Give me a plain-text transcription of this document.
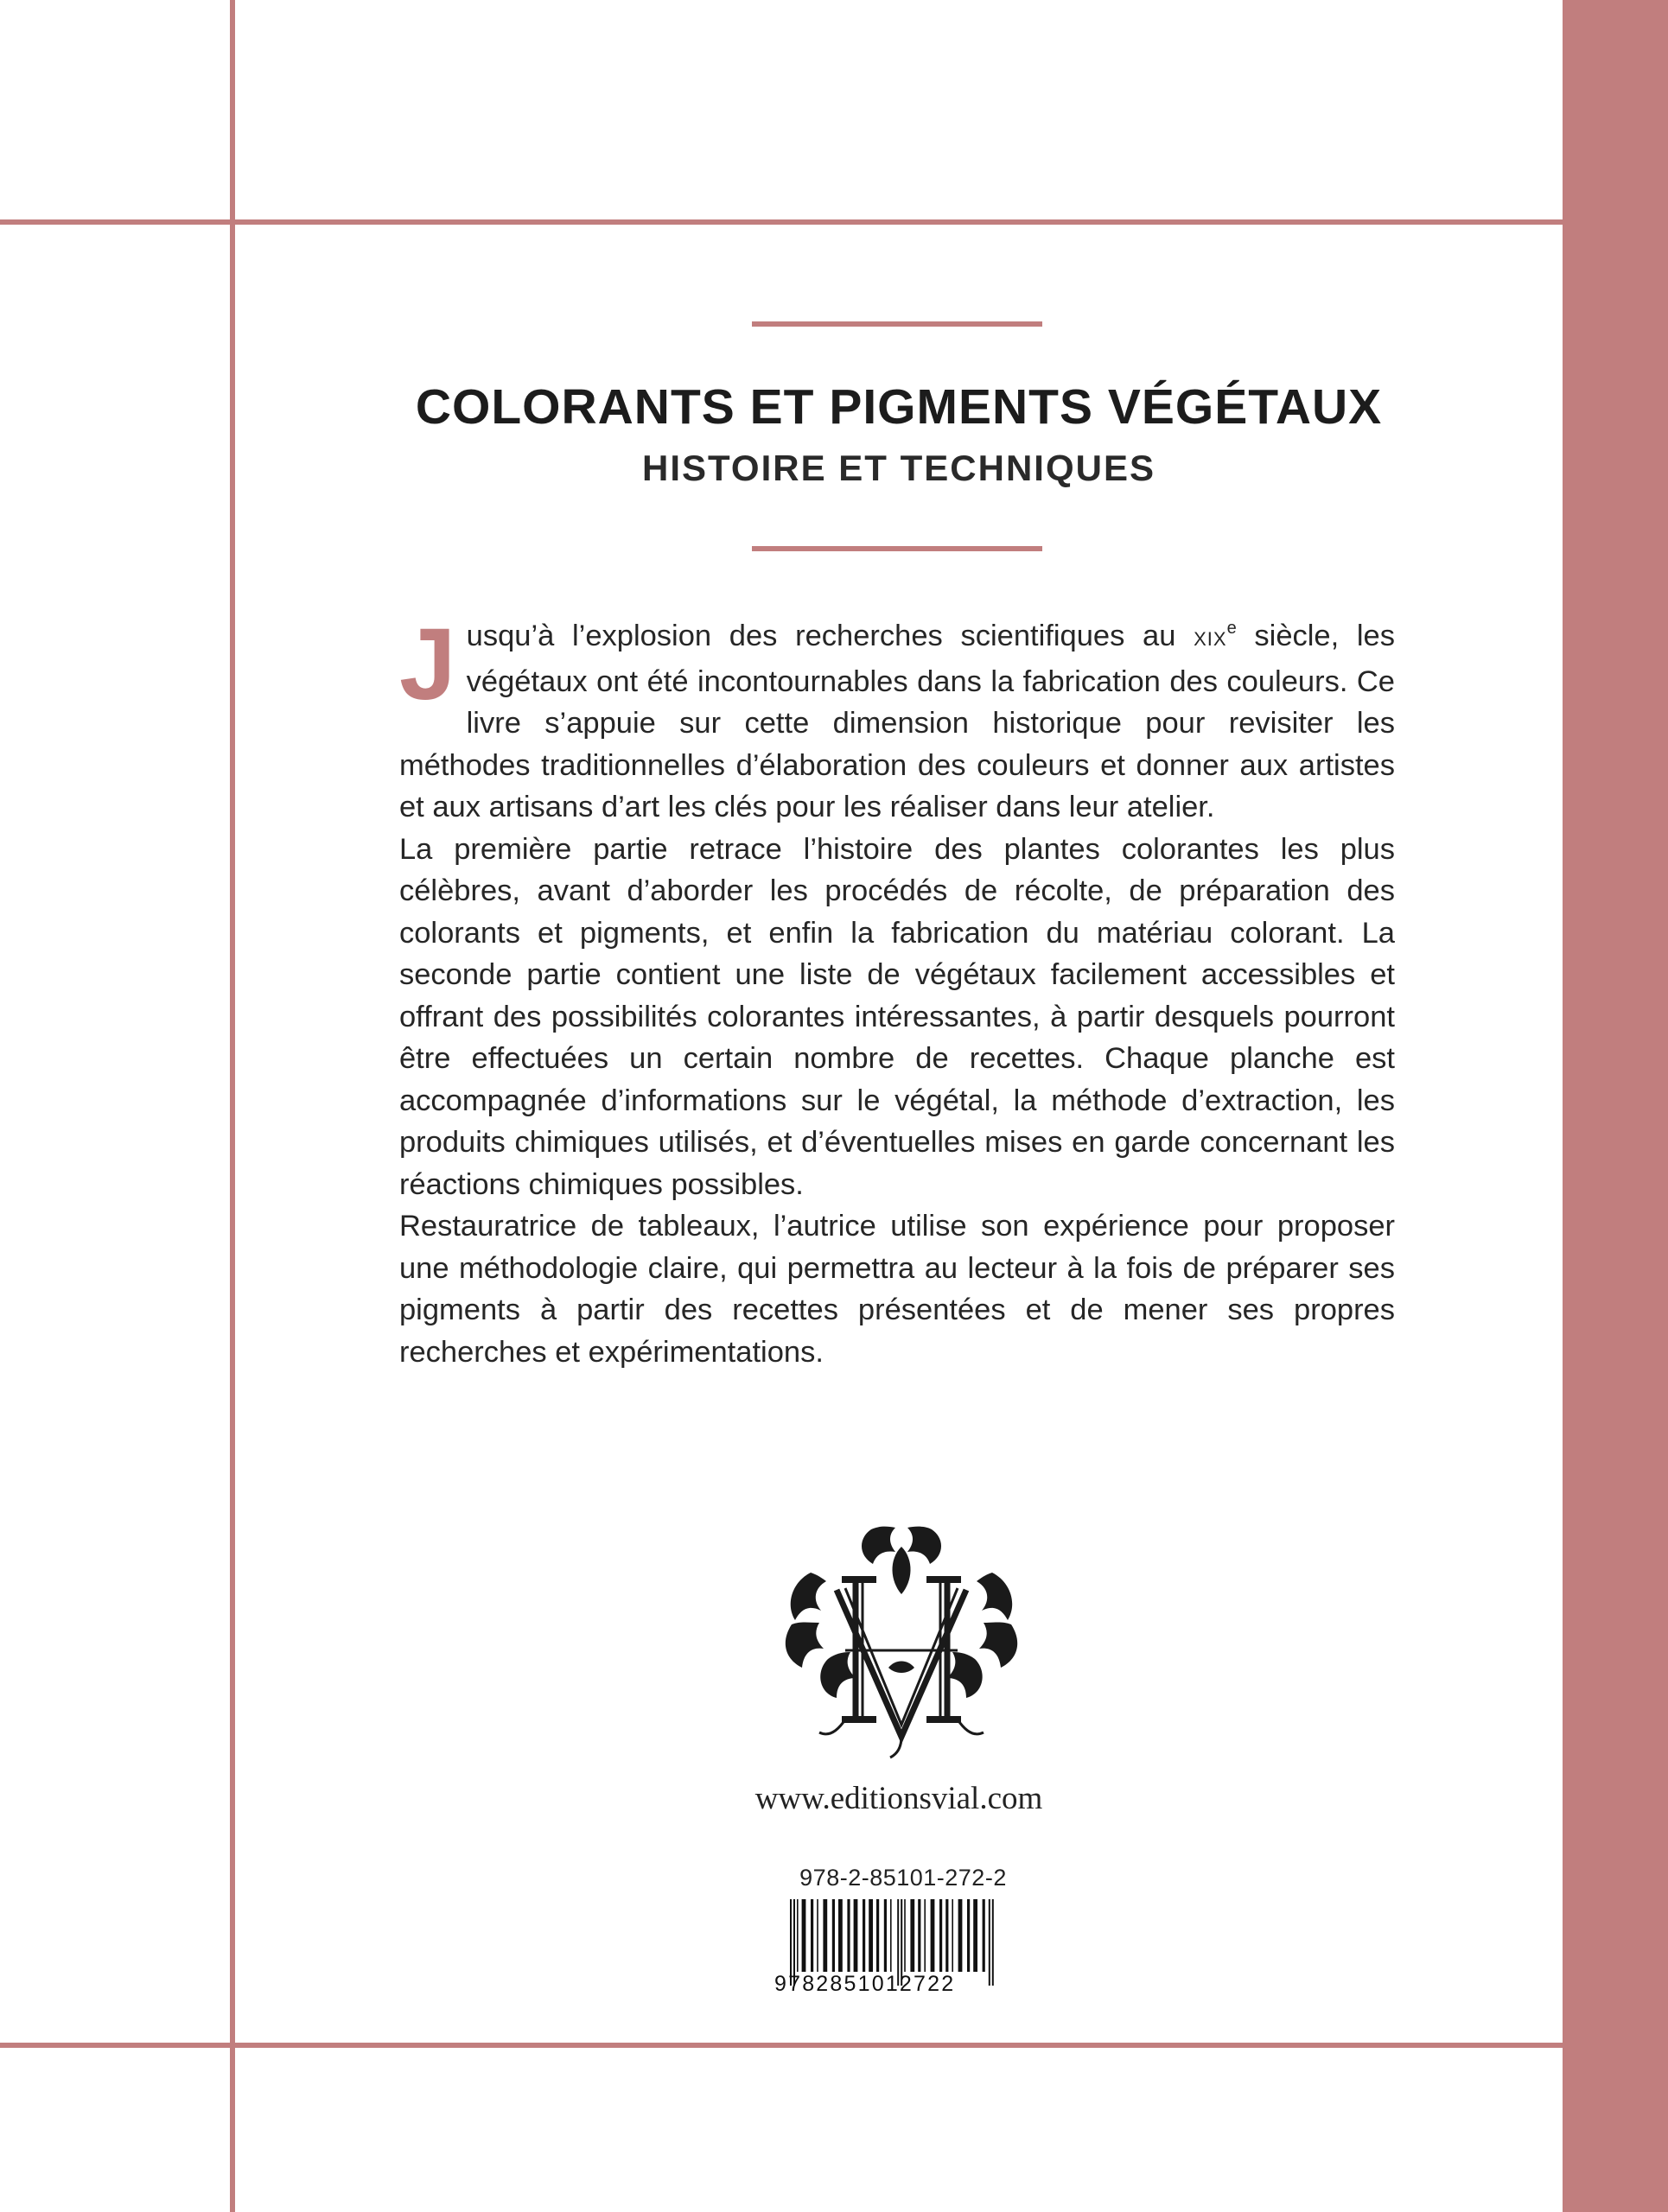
COLORANTS ET PIGMENTS VÉGÉTAUX
HISTOIRE ET TECHNIQUES

Jusqu’à l’explosion des recherches scientifiques au XIXe siècle, les végétaux ont été incontournables dans la fabrication des couleurs. Ce livre s’appuie sur cette dimension historique pour revisiter les méthodes traditionnelles d’élaboration des couleurs et donner aux artistes et aux artisans d’art les clés pour les réaliser dans leur atelier.

La première partie retrace l’histoire des plantes colorantes les plus célèbres, avant d’aborder les procédés de récolte, de préparation des colorants et pigments, et enfin la fabrication du matériau colorant. La seconde partie contient une liste de végétaux facilement accessibles et offrant des possibilités colorantes intéressantes, à partir desquels pourront être effectuées un certain nombre de recettes. Chaque planche est accompagnée d’informations sur le végétal, la méthode d’extraction, les produits chimiques utilisés, et d’éventuelles mises en garde concernant les réactions chimiques possibles.

Restauratrice de tableaux, l’autrice utilise son expérience pour proposer une méthodologie claire, qui permettra au lecteur à la fois de préparer ses pigments à partir des recettes présentées et de mener ses propres recherches et expérimentations.

www.editionsvial.com
978-2-85101-272-2
9782851012722
